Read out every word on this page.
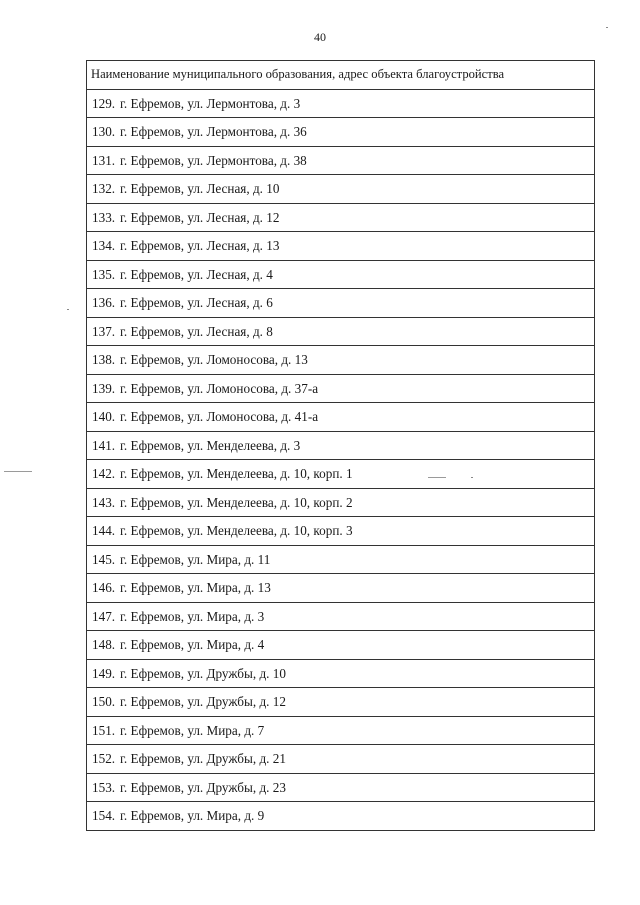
40
Наименование муниципального образования, адрес объекта благоустройства
129. г. Ефремов, ул. Лермонтова, д. 3
130. г. Ефремов, ул. Лермонтова, д. 36
131. г. Ефремов, ул. Лермонтова, д. 38
132. г. Ефремов, ул. Лесная, д. 10
133. г. Ефремов, ул. Лесная, д. 12
134. г. Ефремов, ул. Лесная, д. 13
135. г. Ефремов, ул. Лесная, д. 4
136. г. Ефремов, ул. Лесная, д. 6
137. г. Ефремов, ул. Лесная, д. 8
138. г. Ефремов, ул. Ломоносова, д. 13
139. г. Ефремов, ул. Ломоносова, д. 37-а
140. г. Ефремов, ул. Ломоносова, д. 41-а
141. г. Ефремов, ул. Менделеева, д. 3
142. г. Ефремов, ул. Менделеева, д. 10, корп. 1
143. г. Ефремов, ул. Менделеева, д. 10, корп. 2
144. г. Ефремов, ул. Менделеева, д. 10, корп. 3
145. г. Ефремов, ул. Мира, д. 11
146. г. Ефремов, ул. Мира, д. 13
147. г. Ефремов, ул. Мира, д. 3
148. г. Ефремов, ул. Мира, д. 4
149. г. Ефремов, ул. Дружбы, д. 10
150. г. Ефремов, ул. Дружбы, д. 12
151. г. Ефремов, ул. Мира, д. 7
152. г. Ефремов, ул. Дружбы, д. 21
153. г. Ефремов, ул. Дружбы, д. 23
154. г. Ефремов, ул. Мира, д. 9
